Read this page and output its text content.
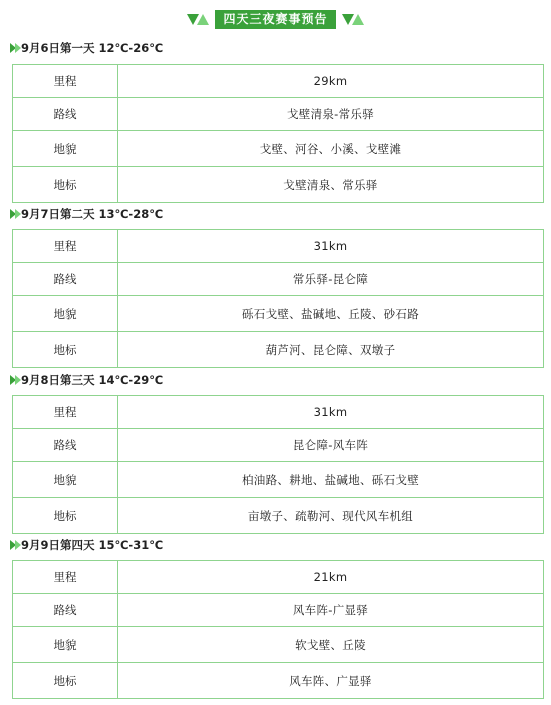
四天三夜赛事预告
9月6日第一天 12℃-26℃
里程	29km
路线	戈壁清泉-常乐驿
地貌	戈壁、河谷、小溪、戈壁滩
地标	戈壁清泉、常乐驿
9月7日第二天 13℃-28℃
里程	31km
路线	常乐驿-昆仑障
地貌	砾石戈壁、盐碱地、丘陵、砂石路
地标	葫芦河、昆仑障、双墩子
9月8日第三天 14℃-29℃
里程	31km
路线	昆仑障-风车阵
地貌	柏油路、耕地、盐碱地、砾石戈壁
地标	亩墩子、疏勒河、现代风车机组
9月9日第四天 15℃-31℃
里程	21km
路线	风车阵-广显驿
地貌	软戈壁、丘陵
地标	风车阵、广显驿
